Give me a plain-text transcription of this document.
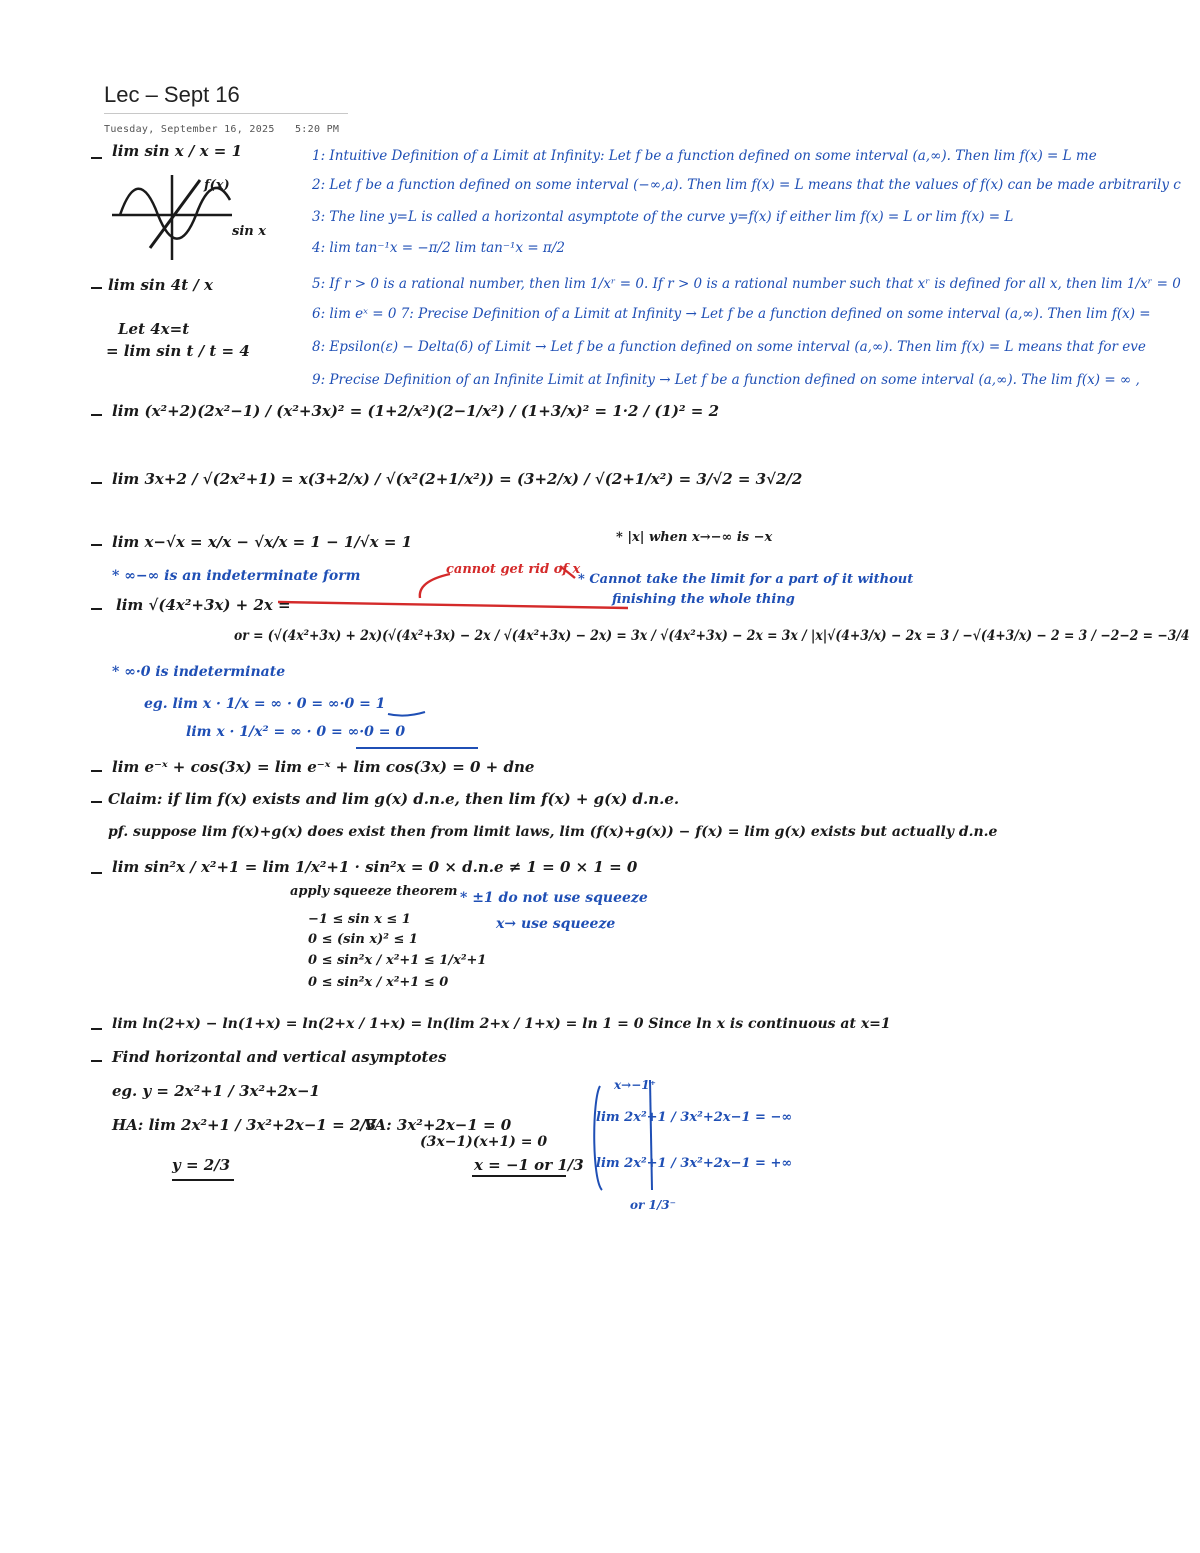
Lec – Sept 16
Tuesday, September 16, 2025 5:20 PM
lim sin x / x = 1
f(x)
sin x
lim sin 4t / x
Let 4x=t
= lim sin t / t = 4
lim (x²+2)(2x²−1) / (x²+3x)² = (1+2/x²)(2−1/x²) / (1+3/x)² = 1·2 / (1)² = 2
lim 3x+2 / √(2x²+1) = x(3+2/x) / √(x²(2+1/x²)) = (3+2/x) / √(2+1/x²) = 3/√2 = 3√2/2
lim x−√x = x/x − √x/x = 1 − 1/√x = 1
1: Intuitive Definition of a Limit at Infinity: Let f be a function defined on some interval (a,∞). Then lim f(x) = L me
2: Let f be a function defined on some interval (−∞,a). Then lim f(x) = L means that the values of f(x) can be made arbitrarily c
3: The line y=L is called a horizontal asymptote of the curve y=f(x) if either lim f(x) = L or lim f(x) = L
4: lim tan⁻¹x = −π/2 lim tan⁻¹x = π/2
5: If r > 0 is a rational number, then lim 1/xʳ = 0. If r > 0 is a rational number such that xʳ is defined for all x, then lim 1/xʳ = 0
6: lim eˣ = 0 7: Precise Definition of a Limit at Infinity → Let f be a function defined on some interval (a,∞). Then lim f(x) =
8: Epsilon(ε) − Delta(δ) of Limit → Let f be a function defined on some interval (a,∞). Then lim f(x) = L means that for eve
9: Precise Definition of an Infinite Limit at Infinity → Let f be a function defined on some interval (a,∞). The lim f(x) = ∞ ,
* |x| when x→−∞ is −x
* ∞−∞ is an indeterminate form	cannot get rid of x
* Cannot take the limit for a part of it without
finishing the whole thing
lim √(4x²+3x) + 2x =
or = (√(4x²+3x) + 2x)(√(4x²+3x) − 2x / √(4x²+3x) − 2x) = 3x / √(4x²+3x) − 2x = 3x / |x|√(4+3/x) − 2x = 3 / −√(4+3/x) − 2 = 3 / −2−2 = −3/4
* ∞·0 is indeterminate
eg. lim x · 1/x = ∞ · 0 = ∞·0 = 1
lim x · 1/x² = ∞ · 0 = ∞·0 = 0
lim e⁻ˣ + cos(3x) = lim e⁻ˣ + lim cos(3x) = 0 + dne
Claim: if lim f(x) exists and lim g(x) d.n.e, then lim f(x) + g(x) d.n.e.
pf. suppose lim f(x)+g(x) does exist then from limit laws, lim (f(x)+g(x)) − f(x) = lim g(x) exists but actually d.n.e
lim sin²x / x²+1 = lim 1/x²+1 · sin²x = 0 × d.n.e ≠ 1 = 0 × 1 = 0
apply squeeze theorem
−1 ≤ sin x ≤ 1
0 ≤ (sin x)² ≤ 1
0 ≤ sin²x / x²+1 ≤ 1/x²+1
0 ≤ sin²x / x²+1 ≤ 0
* ±1 do not use squeeze
x→ use squeeze
lim ln(2+x) − ln(1+x) = ln(2+x / 1+x) = ln(lim 2+x / 1+x) = ln 1 = 0 Since ln x is continuous at x=1
Find horizontal and vertical asymptotes
eg. y = 2x²+1 / 3x²+2x−1
HA: lim 2x²+1 / 3x²+2x−1 = 2/3
y = 2/3
VA: 3x²+2x−1 = 0
(3x−1)(x+1) = 0
x = −1 or 1/3
x→−1⁺
lim 2x²+1 / 3x²+2x−1 = −∞
lim 2x²+1 / 3x²+2x−1 = +∞
or 1/3⁻
